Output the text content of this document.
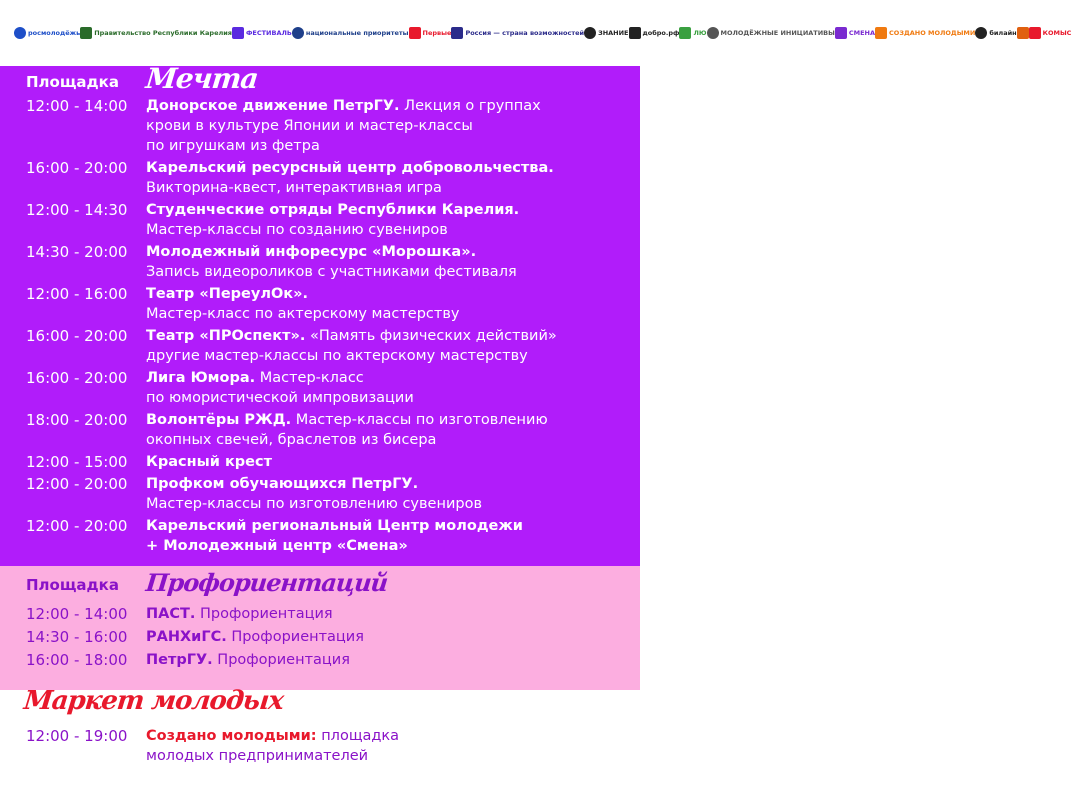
росмолодёжь Правительство Республики Карелия ФЕСТИВАЛЬ национальные приоритеты Первые Россия — страна возможностей ЗНАНИЕ добро.рф ЛЮ МОЛОДЁЖНЫЕ ИНИЦИАТИВЫ СМЕНА СОЗДАНО МОЛОДЫМИ билайн	КОМЫС
Площадка Мечта
12:00 - 14:00	Донорское движение ПетрГУ. Лекция о группах
крови в культуре Японии и мастер-классы
по игрушкам из фетра
16:00 - 20:00	Карельский ресурсный центр добровольчества.
Викторина-квест, интерактивная игра
12:00 - 14:30	Студенческие отряды Республики Карелия.
Мастер-классы по созданию сувениров
14:30 - 20:00	Молодежный инфоресурс «Морошка».
Запись видеороликов с участниками фестиваля
12:00 - 16:00	Театр «ПереулОк».
Мастер-класс по актерскому мастерству
16:00 - 20:00	Театр «ПРОспект». «Память физических действий»
другие мастер-классы по актерскому мастерству
16:00 - 20:00	Лига Юмора. Мастер-класс
по юмористической импровизации
18:00 - 20:00	Волонтёры РЖД. Мастер-классы по изготовлению
окопных свечей, браслетов из бисера
12:00 - 15:00	Красный крест
12:00 - 20:00	Профком обучающихся ПетрГУ.
Мастер-классы по изготовлению сувениров
12:00 - 20:00	Карельский региональный Центр молодежи
+ Молодежный центр «Смена»
Площадка Профориентаций
12:00 - 14:00	ПАСТ. Профориентация
14:30 - 16:00	РАНХиГС. Профориентация
16:00 - 18:00	ПетрГУ. Профориентация
Маркет молодых
12:00 - 19:00	Создано молодыми: площадка
молодых предпринимателей
